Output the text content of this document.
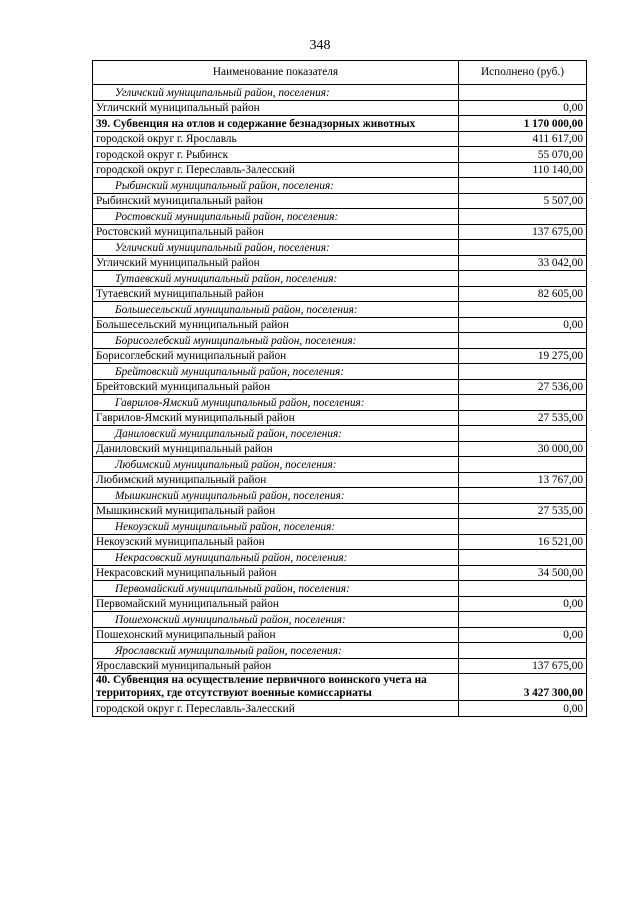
348
Наименование показателя	Исполнено (руб.)
Угличский муниципальный район, поселения:	
Угличский муниципальный район	0,00
39. Субвенция на отлов и содержание безнадзорных животных	1 170 000,00
городской округ г. Ярославль	411 617,00
городской округ г. Рыбинск	55 070,00
городской округ г. Переславль-Залесский	110 140,00
Рыбинский муниципальный район, поселения:	
Рыбинский муниципальный район	5 507,00
Ростовский муниципальный район, поселения:	
Ростовский муниципальный район	137 675,00
Угличский муниципальный район, поселения:	
Угличский муниципальный район	33 042,00
Тутаевский муниципальный район, поселения:	
Тутаевский муниципальный район	82 605,00
Большесельский муниципальный район, поселения:	
Большесельский муниципальный район	0,00
Борисоглебский муниципальный район, поселения:	
Борисоглебский муниципальный район	19 275,00
Брейтовский муниципальный район, поселения:	
Брейтовский муниципальный район	27 536,00
Гаврилов-Ямский муниципальный район, поселения:	
Гаврилов-Ямский муниципальный район	27 535,00
Даниловский муниципальный район, поселения:	
Даниловский муниципальный район	30 000,00
Любимский муниципальный район, поселения:	
Любимский муниципальный район	13 767,00
Мышкинский муниципальный район, поселения:	
Мышкинский муниципальный район	27 535,00
Некоузский муниципальный район, поселения:	
Некоузский муниципальный район	16 521,00
Некрасовский муниципальный район, поселения:	
Некрасовский муниципальный район	34 500,00
Первомайский муниципальный район, поселения:	
Первомайский муниципальный район	0,00
Пошехонский муниципальный район, поселения:	
Пошехонский муниципальный район	0,00
Ярославский муниципальный район, поселения:	
Ярославский муниципальный район	137 675,00
40. Субвенция на осуществление первичного воинского учета на территориях, где отсутствуют военные комиссариаты	3 427 300,00
городской округ г. Переславль-Залесский	0,00
